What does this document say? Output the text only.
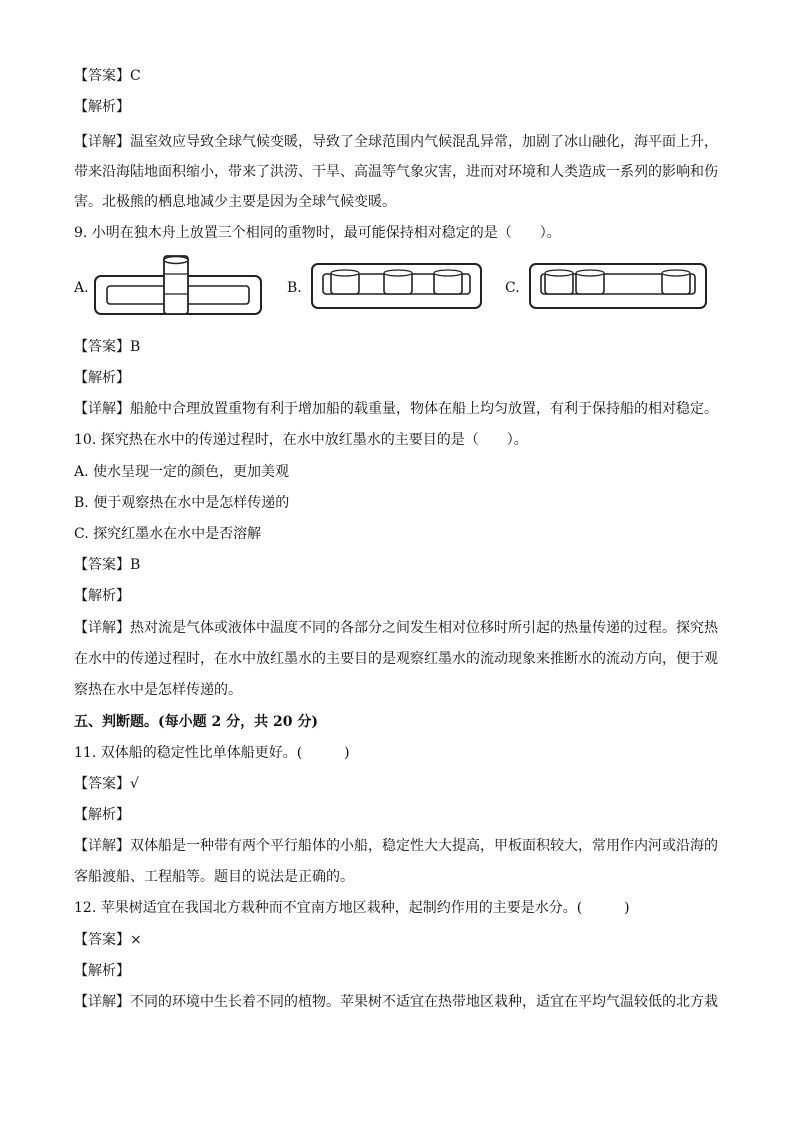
【答案】C
【解析】
【详解】温室效应导致全球气候变暖，导致了全球范围内气候混乱异常，加剧了冰山融化，海平面上升，
带来沿海陆地面积缩小，带来了洪涝、干旱、高温等气象灾害，进而对环境和人类造成一系列的影响和伤
害。北极熊的栖息地减少主要是因为全球气候变暖。
9. 小明在独木舟上放置三个相同的重物时，最可能保持相对稳定的是（　　）。
A.	B.	C.
【答案】B
【解析】
【详解】船舱中合理放置重物有利于增加船的载重量，物体在船上均匀放置，有利于保持船的相对稳定。
10. 探究热在水中的传递过程时，在水中放红墨水的主要目的是（　　）。
A. 使水呈现一定的颜色，更加美观
B. 便于观察热在水中是怎样传递的
C. 探究红墨水在水中是否溶解
【答案】B
【解析】
【详解】热对流是气体或液体中温度不同的各部分之间发生相对位移时所引起的热量传递的过程。探究热
在水中的传递过程时，在水中放红墨水的主要目的是观察红墨水的流动现象来推断水的流动方向，便于观
察热在水中是怎样传递的。
五、判断题。(每小题 2 分，共 20 分)
11. 双体船的稳定性比单体船更好。(　　　)
【答案】√
【解析】
【详解】双体船是一种带有两个平行船体的小船，稳定性大大提高，甲板面积较大，常用作内河或沿海的
客船渡船、工程船等。题目的说法是正确的。
12. 苹果树适宜在我国北方栽种而不宜南方地区栽种，起制约作用的主要是水分。(　　　)
【答案】×
【解析】
【详解】不同的环境中生长着不同的植物。苹果树不适宜在热带地区栽种，适宜在平均气温较低的北方栽
